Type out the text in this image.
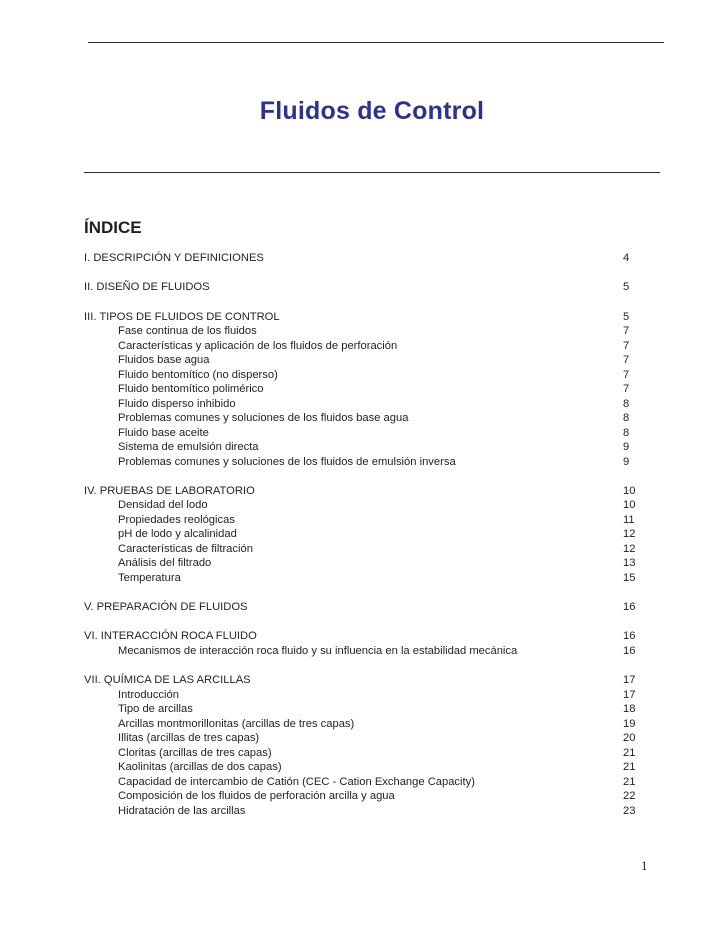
Fluidos de Control
ÍNDICE
I. DESCRIPCIÓN Y DEFINICIONES	4
II. DISEÑO DE FLUIDOS	5
III. TIPOS DE FLUIDOS DE CONTROL	5
Fase continua de los fluidos	7
Características y aplicación de los fluidos de perforación	7
Fluidos base agua	7
Fluido bentomítico (no disperso)	7
Fluido bentomítico polimérico	7
Fluido disperso inhibido	8
Problemas comunes y soluciones de los fluidos base agua	8
Fluido base aceite	8
Sistema de emulsión directa	9
Problemas comunes y soluciones de los fluidos de emulsión inversa	9
IV. PRUEBAS DE LABORATORIO	10
Densidad del lodo	10
Propiedades reológicas	11
pH de lodo y alcalinidad	12
Características de filtración	12
Análisis del filtrado	13
Temperatura	15
V. PREPARACIÓN DE FLUIDOS	16
VI. INTERACCIÓN ROCA FLUIDO	16
Mecanismos de interacción roca fluido y su influencia en la estabilidad mecánica	16
VII. QUÍMICA DE LAS ARCILLAS	17
Introducción	17
Tipo de arcillas	18
Arcillas montmorillonitas (arcillas de tres capas)	19
Illitas (arcillas de tres capas)	20
Cloritas (arcillas de tres capas)	21
Kaolinitas (arcillas de dos capas)	21
Capacidad de intercambio de Catión (CEC - Cation Exchange Capacity)	21
Composición de los fluidos de perforación arcilla y agua	22
Hidratación de las arcillas	23
1
